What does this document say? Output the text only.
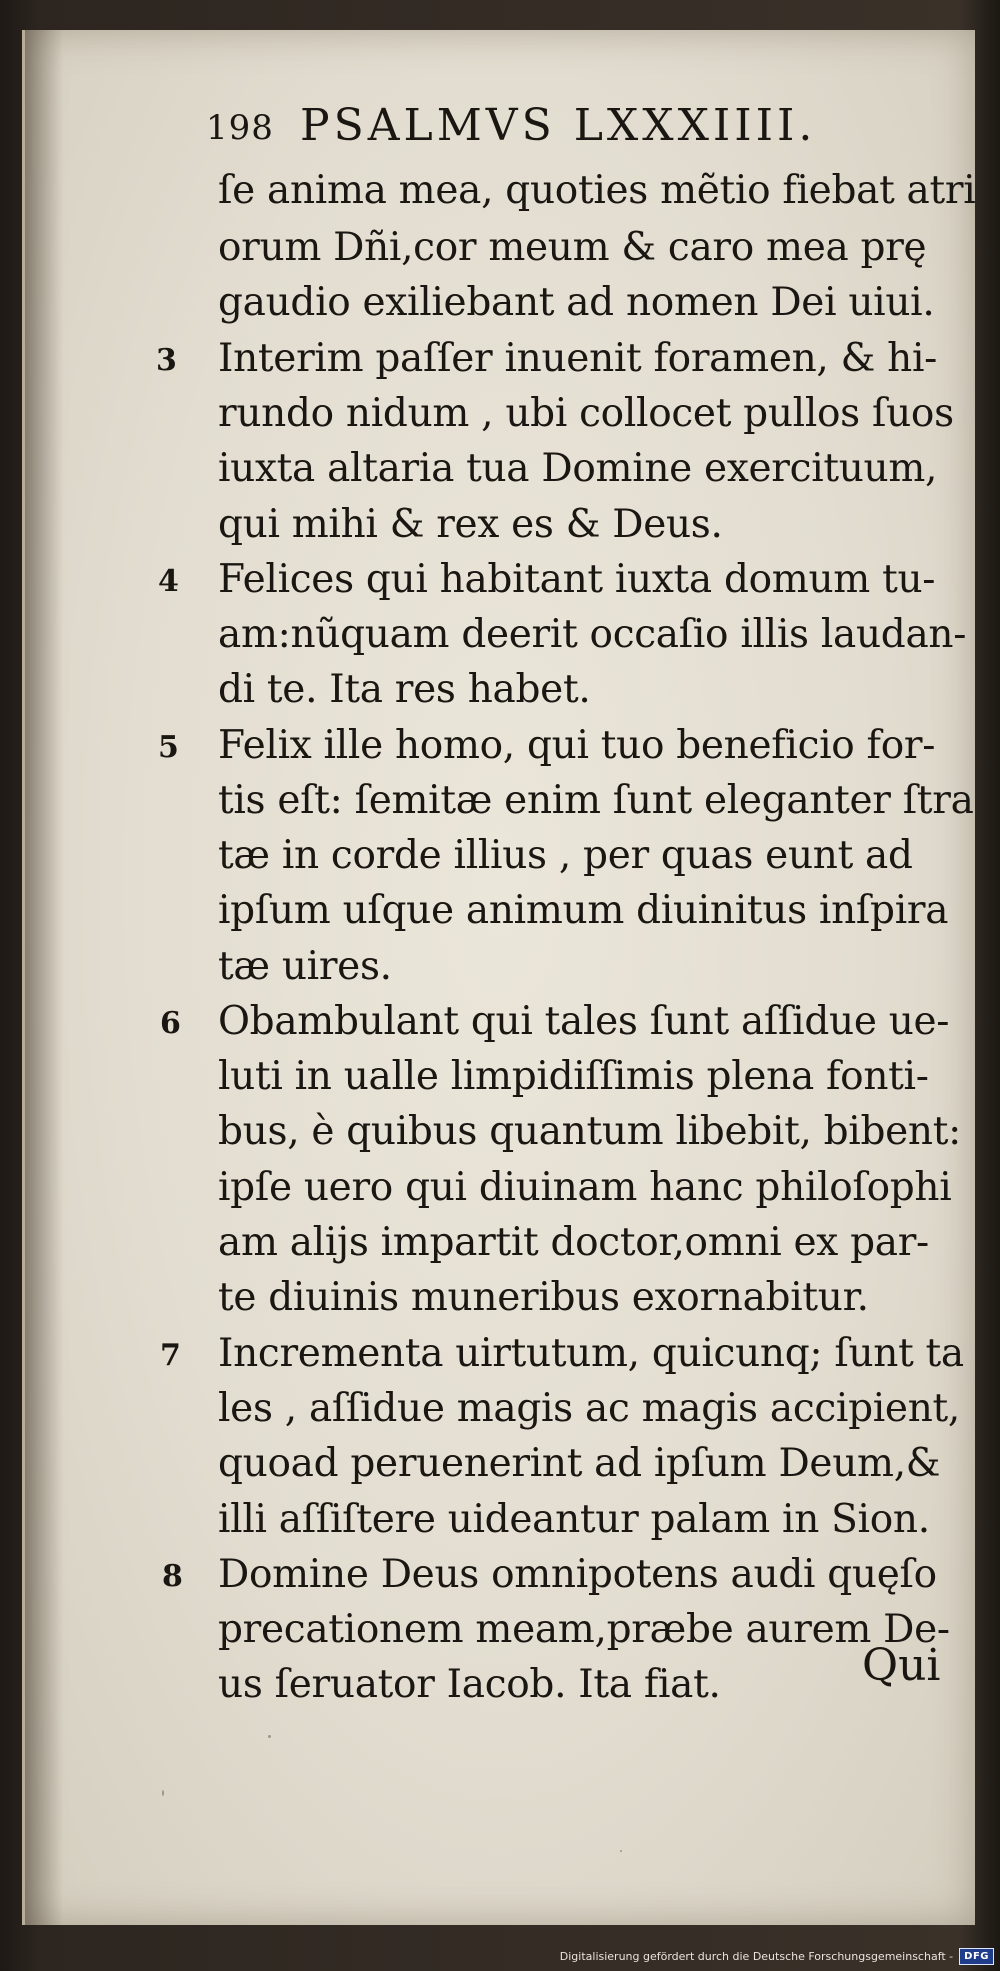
198 PSALMVS LXXXIIII.
ſe anima mea, quoties mẽtio fiebat atri
orum Dñi,cor meum & caro mea prę
gaudio exiliebant ad nomen Dei uiui.
3 Interim paſſer inuenit foramen, & hi-
rundo nidum , ubi collocet pullos ſuos
iuxta altaria tua Domine exercituum,
qui mihi & rex es & Deus.
4 Felices qui habitant iuxta domum tu-
am:nũquam deerit occaſio illis laudan-
di te. Ita res habet.
5 Felix ille homo, qui tuo beneficio for-
tis eſt: ſemitæ enim ſunt eleganter ſtra
tæ in corde illius , per quas eunt ad
ipſum uſque animum diuinitus inſpira
tæ uires.
6 Obambulant qui tales ſunt aſſidue ue-
luti in ualle limpidiſſimis plena fonti-
bus, è quibus quantum libebit, bibent:
ipſe uero qui diuinam hanc philoſophi
am alijs impartit doctor,omni ex par-
te diuinis muneribus exornabitur.
7 Incrementa uirtutum, quicunq; ſunt ta
les , aſſidue magis ac magis accipient,
quoad peruenerint ad ipſum Deum,&
illi aſſiſtere uideantur palam in Sion.
8 Domine Deus omnipotens audi quęſo
precationem meam,præbe aurem De-
us ſeruator Iacob. Ita fiat.	Qui
Digitalisierung gefördert durch die Deutsche Forschungsgemeinschaft -	DFG
